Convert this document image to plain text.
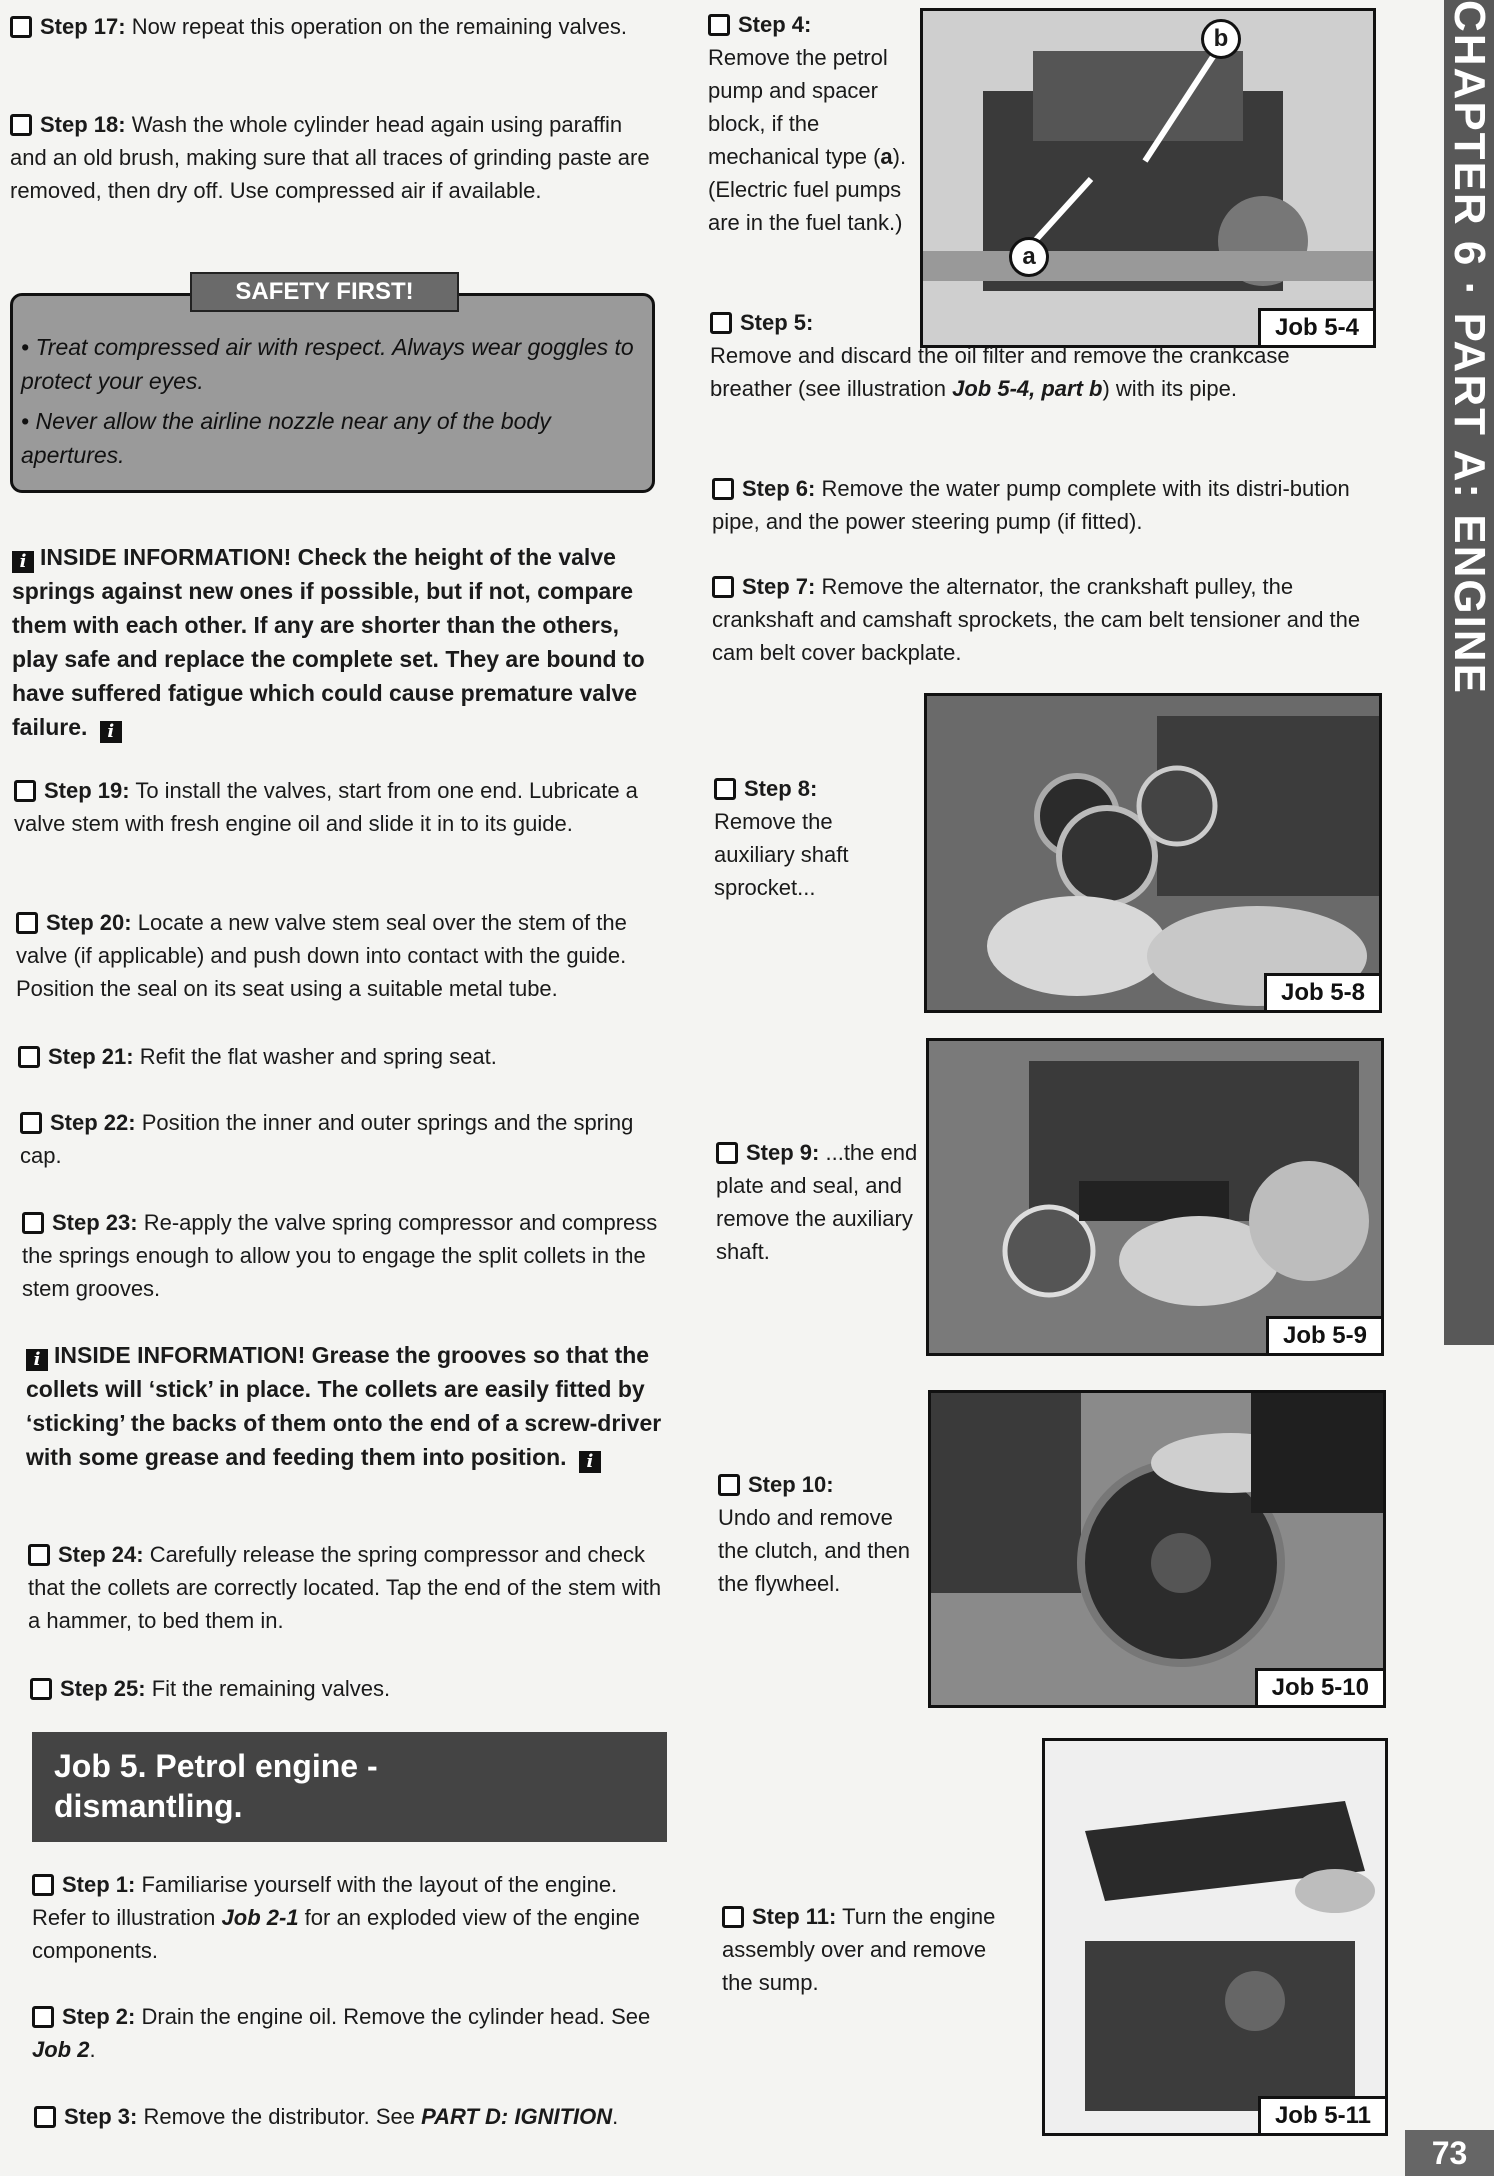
Step 17: Now repeat this operation on the remaining valves.

Step 18: Wash the whole cylinder head again using paraffin and an old brush, making sure that all traces of grinding paste are removed, then dry off. Use compressed air if available.

• Treat compressed air with respect. Always wear goggles to protect your eyes.

• Never allow the airline nozzle near any of the body apertures.

SAFETY FIRST!

i INSIDE INFORMATION! Check the height of the valve springs against new ones if possible, but if not, compare them with each other. If any are shorter than the others, play safe and replace the complete set. They are bound to have suffered fatigue which could cause premature valve failure. i

Step 19: To install the valves, start from one end. Lubricate a valve stem with fresh engine oil and slide it in to its guide.

Step 20: Locate a new valve stem seal over the stem of the valve (if applicable) and push down into contact with the guide. Position the seal on its seat using a suitable metal tube.

Step 21: Refit the flat washer and spring seat.

Step 22: Position the inner and outer springs and the spring cap.

Step 23: Re-apply the valve spring compressor and compress the springs enough to allow you to engage the split collets in the stem grooves.

i INSIDE INFORMATION! Grease the grooves so that the collets will ‘stick’ in place. The collets are easily fitted by ‘sticking’ the backs of them onto the end of a screw-driver with some grease and feeding them into position. i

Step 24: Carefully release the spring compressor and check that the collets are correctly located. Tap the end of the stem with a hammer, to bed them in.

Step 25: Fit the remaining valves.

Job 5. Petrol engine -
dismantling.

Step 1: Familiarise yourself with the layout of the engine. Refer to illustration Job 2-1 for an exploded view of the engine components.

Step 2: Drain the engine oil. Remove the cylinder head. See Job 2.

Step 3: Remove the distributor. See PART D: IGNITION.

Step 4:
Remove the petrol pump and spacer block, if the mechanical type (a). (Electric fuel pumps are in the fuel tank.)

b
a
Job 5-4

Step 5:
Remove and discard the oil filter and remove the crankcase breather (see illustration Job 5-4, part b) with its pipe.

Step 6: Remove the water pump complete with its distri-bution pipe, and the power steering pump (if fitted).

Step 7: Remove the alternator, the crankshaft pulley, the crankshaft and camshaft sprockets, the cam belt tensioner and the cam belt cover backplate.

Step 8:
Remove the auxiliary shaft sprocket...

Job 5-8

Step 9: ...the end plate and seal, and remove the auxiliary shaft.

Job 5-9

Step 10:
Undo and remove the clutch, and then the flywheel.

Job 5-10

Step 11: Turn the engine assembly over and remove the sump.

Job 5-11
CHAPTER 6 · PART A: ENGINE
73
